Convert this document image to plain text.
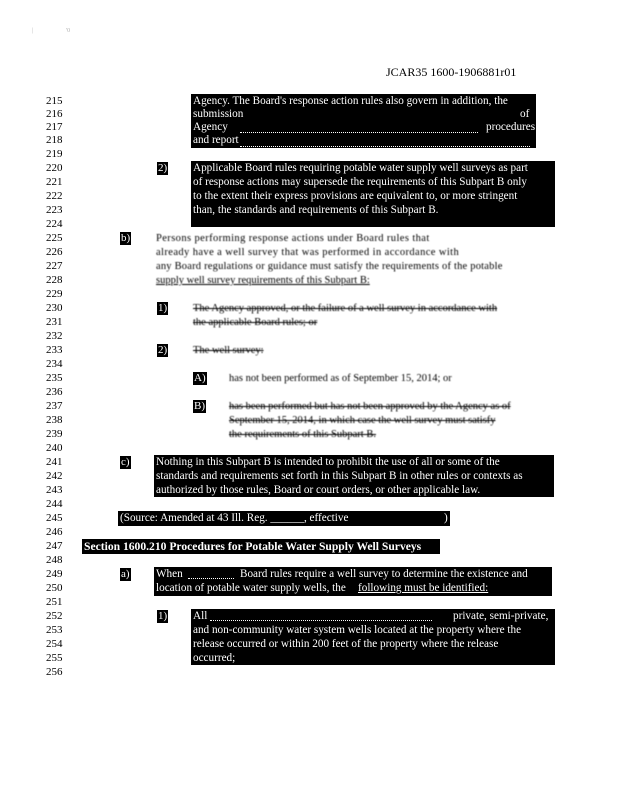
|	'0
JCAR35 1600-1906881r01
215
216
217
218
219
220
221
222
223
224
225
226
227
228
229
230
231
232
233
234
235
236
237
238
239
240
241
242
243
244
245
246
247
248
249
250
251
252
253
254
255
256
Agency. The Board's response action rules also govern in addition, the
submission	of
Agency	procedures
and report
2) Applicable Board rules requiring potable water supply well surveys as part
of response actions may supersede the requirements of this Subpart B only
to the extent their express provisions are equivalent to, or more stringent
than, the standards and requirements of this Subpart B.
b) Persons performing response actions under Board rules that
already have a well survey that was performed in accordance with
any Board regulations or guidance must satisfy the requirements of the potable
supply well survey requirements of this Subpart B:
1) The Agency approved, or the failure of a well survey in accordance with
the applicable Board rules; or
2) The well survey:
A) has not been performed as of September 15, 2014; or
B) has been performed but has not been approved by the Agency as of
September 15, 2014, in which case the well survey must satisfy
the requirements of this Subpart B.
c) Nothing in this Subpart B is intended to prohibit the use of all or some of the
standards and requirements set forth in this Subpart B in other rules or contexts as
authorized by those rules, Board or court orders, or other applicable law.
(Source: Amended at 43 Ill. Reg. ______, effective	)
Section 1600.210 Procedures for Potable Water Supply Well Surveys
a) When	Board rules require a well survey to determine the existence and
location of potable water supply wells, the following must be identified:
1) All	private, semi-private,
and non-community water system wells located at the property where the
release occurred or within 200 feet of the property where the release
occurred;
